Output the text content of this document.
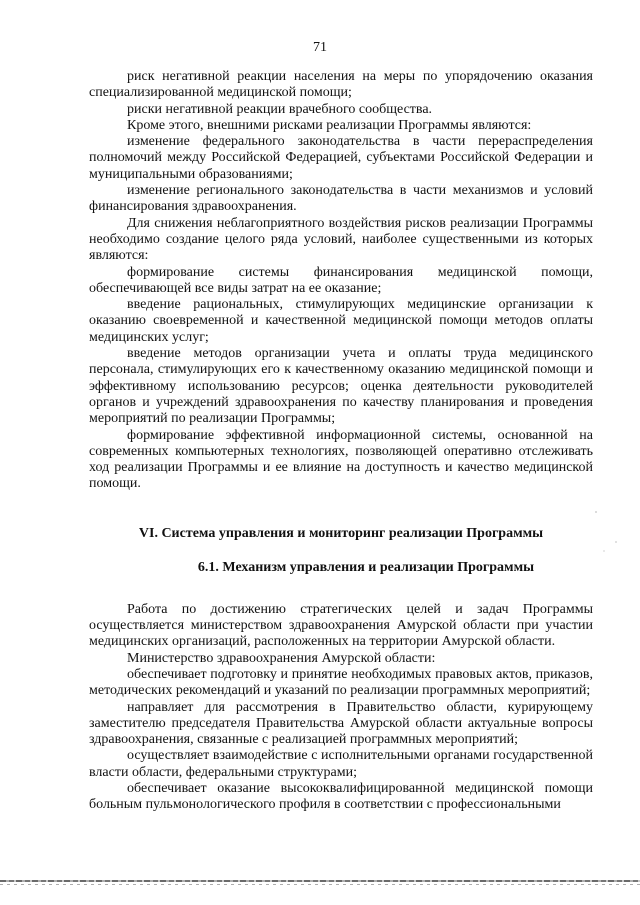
71

риск негативной реакции населения на меры по упорядочению оказания специализированной медицинской помощи;

риски негативной реакции врачебного сообщества.

Кроме этого, внешними рисками реализации Программы являются:

изменение федерального законодательства в части перераспределения полномочий между Российской Федерацией, субъектами Российской Федерации и муниципальными образованиями;

изменение регионального законодательства в части механизмов и условий финансирования здравоохранения.

Для снижения неблагоприятного воздействия рисков реализации Программы необходимо создание целого ряда условий, наиболее существенными из которых являются:

формирование системы финансирования медицинской помощи, обеспечивающей все виды затрат на ее оказание;

введение рациональных, стимулирующих медицинские организации к оказанию своевременной и качественной медицинской помощи методов оплаты медицинских услуг;

введение методов организации учета и оплаты труда медицинского персонала, стимулирующих его к качественному оказанию медицинской помощи и эффективному использованию ресурсов; оценка деятельности руководителей органов и учреждений здравоохранения по качеству планирования и проведения мероприятий по реализации Программы;

формирование эффективной информационной системы, основанной на современных компьютерных технологиях, позволяющей оперативно отслеживать ход реализации Программы и ее влияние на доступность и качество медицинской помощи.

VI. Система управления и мониторинг реализации Программы
6.1. Механизм управления и реализации Программы

Работа по достижению стратегических целей и задач Программы осуществляется министерством здравоохранения Амурской области при участии медицинских организаций, расположенных на территории Амурской области.

Министерство здравоохранения Амурской области:

обеспечивает подготовку и принятие необходимых правовых актов, приказов, методических рекомендаций и указаний по реализации программных мероприятий;

направляет для рассмотрения в Правительство области, курирующему заместителю председателя Правительства Амурской области актуальные вопросы здравоохранения, связанные с реализацией программных мероприятий;

осуществляет взаимодействие с исполнительными органами государственной власти области, федеральными структурами;

обеспечивает оказание высококвалифицированной медицинской помощи больным пульмонологического профиля в соответствии с профессиональными
